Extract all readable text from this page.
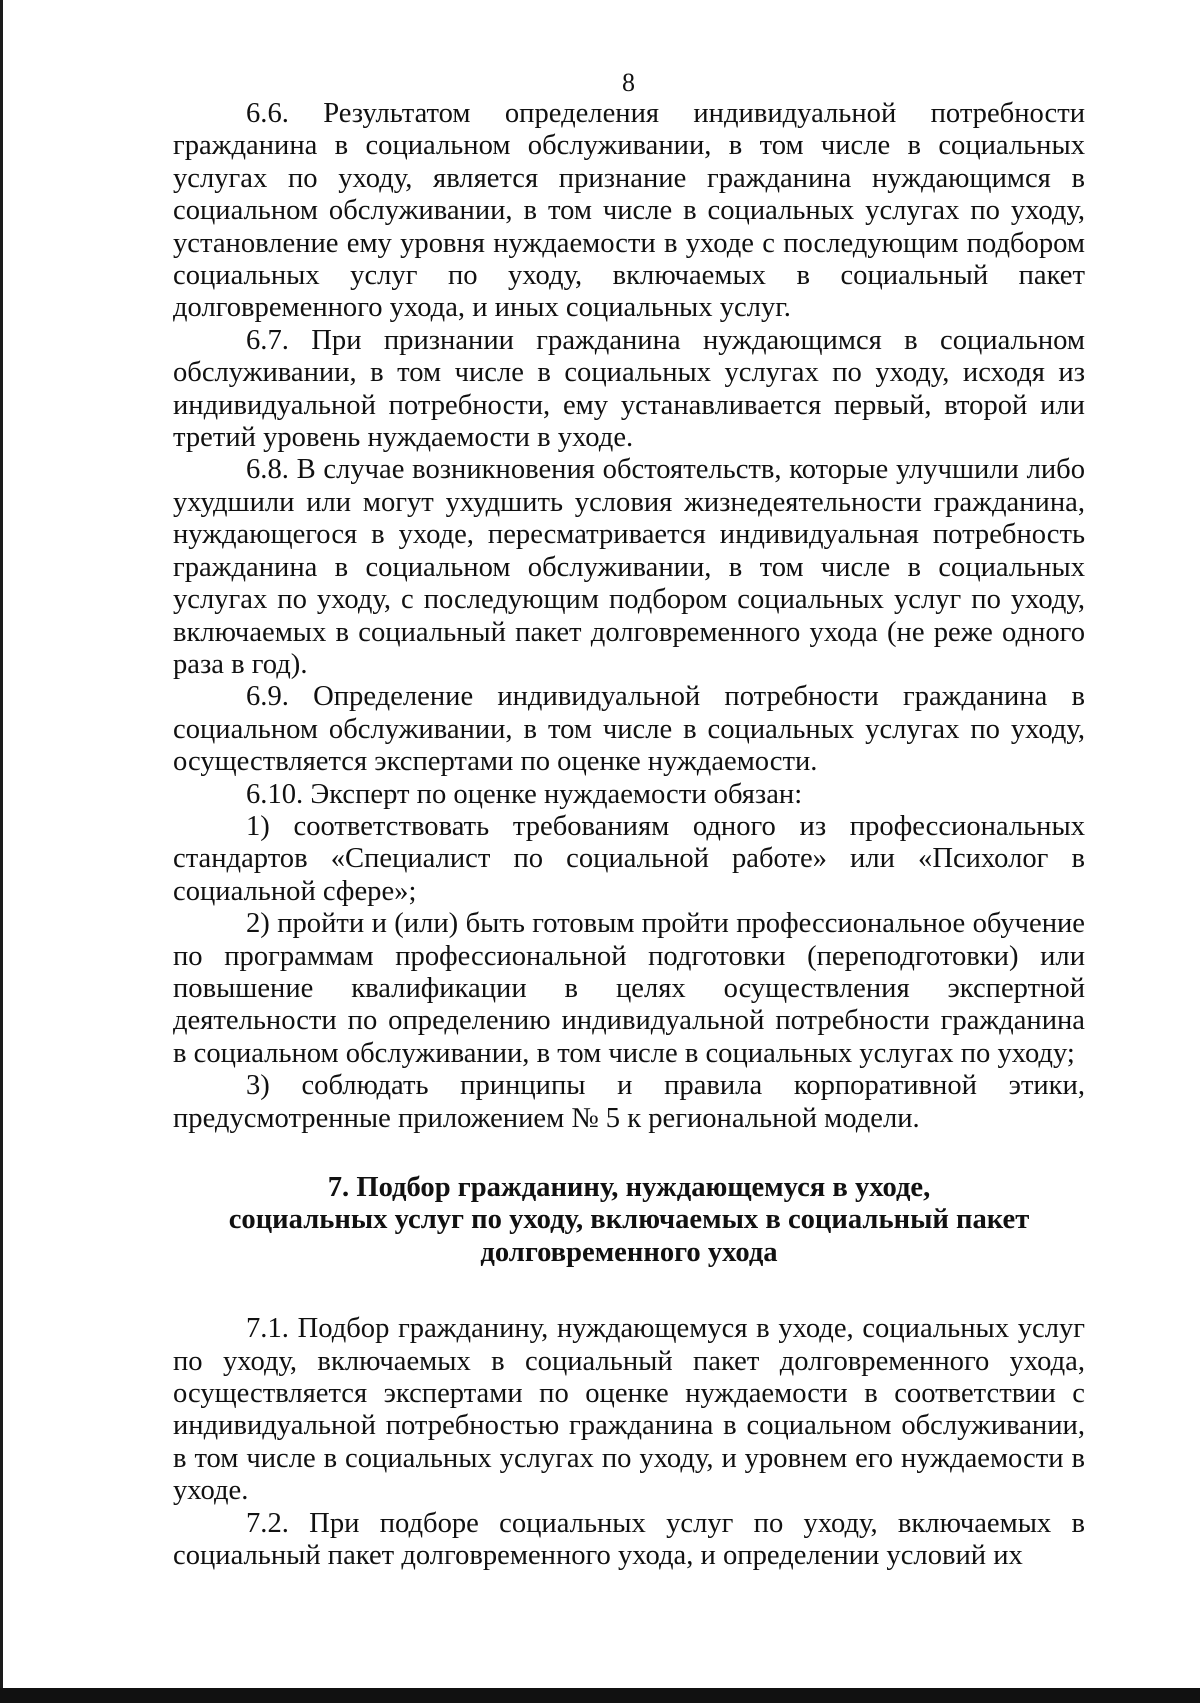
8

6.6. Результатом определения индивидуальной потребности гражданина в социальном обслуживании, в том числе в социальных услугах по уходу, является признание гражданина нуждающимся в социальном обслуживании, в том числе в социальных услугах по уходу, установление ему уровня нуждаемости в уходе с последующим подбором социальных услуг по уходу, включаемых в социальный пакет долговременного ухода, и иных социальных услуг.

6.7. При признании гражданина нуждающимся в социальном обслуживании, в том числе в социальных услугах по уходу, исходя из индивидуальной потребности, ему устанавливается первый, второй или третий уровень нуждаемости в уходе.

6.8. В случае возникновения обстоятельств, которые улучшили либо ухудшили или могут ухудшить условия жизнедеятельности гражданина, нуждающегося в уходе, пересматривается индивидуальная потребность гражданина в социальном обслуживании, в том числе в социальных услугах по уходу, с последующим подбором социальных услуг по уходу, включаемых в социальный пакет долговременного ухода (не реже одного раза в год).

6.9. Определение индивидуальной потребности гражданина в социальном обслуживании, в том числе в социальных услугах по уходу, осуществляется экспертами по оценке нуждаемости.

6.10. Эксперт по оценке нуждаемости обязан:

1) соответствовать требованиям одного из профессиональных стандартов «Специалист по социальной работе» или «Психолог в социальной сфере»;

2) пройти и (или) быть готовым пройти профессиональное обучение по программам профессиональной подготовки (переподготовки) или повышение квалификации в целях осуществления экспертной деятельности по определению индивидуальной потребности гражданина в социальном обслуживании, в том числе в социальных услугах по уходу;

3) соблюдать принципы и правила корпоративной этики, предусмотренные приложением № 5 к региональной модели.

7. Подбор гражданину, нуждающемуся в уходе,
социальных услуг по уходу, включаемых в социальный пакет
долговременного ухода

7.1. Подбор гражданину, нуждающемуся в уходе, социальных услуг по уходу, включаемых в социальный пакет долговременного ухода, осуществляется экспертами по оценке нуждаемости в соответствии с индивидуальной потребностью гражданина в социальном обслуживании, в том числе в социальных услугах по уходу, и уровнем его нуждаемости в уходе.

7.2. При подборе социальных услуг по уходу, включаемых в социальный пакет долговременного ухода, и определении условий их
